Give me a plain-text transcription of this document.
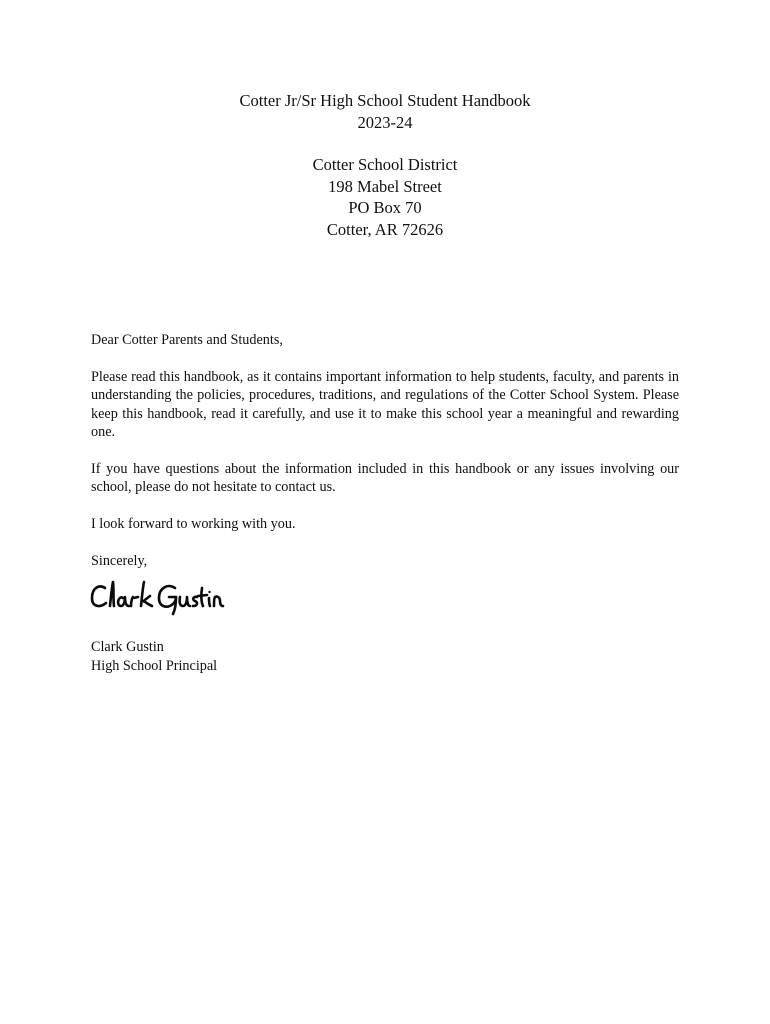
Cotter Jr/Sr High School Student Handbook
2023-24
Cotter School District
198 Mabel Street
PO Box 70
Cotter, AR 72626

Dear Cotter Parents and Students,

Please read this handbook, as it contains important information to help students, faculty, and parents in understanding the policies, procedures, traditions, and regulations of the Cotter School System. Please keep this handbook, read it carefully, and use it to make this school year a meaningful and rewarding one.

If you have questions about the information included in this handbook or any issues involving our school, please do not hesitate to contact us.

I look forward to working with you.

Sincerely,

Clark Gustin
High School Principal
